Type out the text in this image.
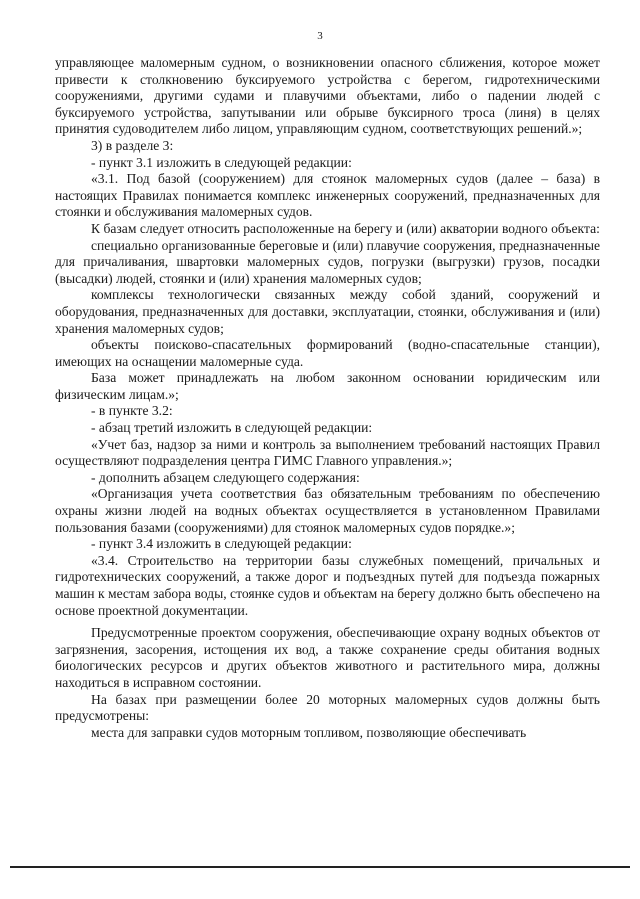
3

управляющее маломерным судном, о возникновении опасного сближения, которое может привести к столкновению буксируемого устройства с берегом, гидротехническими сооружениями, другими судами и плавучими объектами, либо о падении людей с буксируемого устройства, запутывании или обрыве буксирного троса (линя) в целях принятия судоводителем либо лицом, управляющим судном, соответствующих решений.»;

3) в разделе 3:

- пункт 3.1 изложить в следующей редакции:

«3.1. Под базой (сооружением) для стоянок маломерных судов (далее – база) в настоящих Правилах понимается комплекс инженерных сооружений, предназначенных для стоянки и обслуживания маломерных судов.

К базам следует относить расположенные на берегу и (или) акватории водного объекта:

специально организованные береговые и (или) плавучие сооружения, предназначенные для причаливания, швартовки маломерных судов, погрузки (выгрузки) грузов, посадки (высадки) людей, стоянки и (или) хранения маломерных судов;

комплексы технологически связанных между собой зданий, сооружений и оборудования, предназначенных для доставки, эксплуатации, стоянки, обслуживания и (или) хранения маломерных судов;

объекты поисково-спасательных формирований (водно-спасательные станции), имеющих на оснащении маломерные суда.

База может принадлежать на любом законном основании юридическим или физическим лицам.»;

- в пункте 3.2:

- абзац третий изложить в следующей редакции:

«Учет баз, надзор за ними и контроль за выполнением требований настоящих Правил осуществляют подразделения центра ГИМС Главного управления.»;

- дополнить абзацем следующего содержания:

«Организация учета соответствия баз обязательным требованиям по обеспечению охраны жизни людей на водных объектах осуществляется в установленном Правилами пользования базами (сооружениями) для стоянок маломерных судов порядке.»;

- пункт 3.4 изложить в следующей редакции:

«3.4. Строительство на территории базы служебных помещений, причальных и гидротехнических сооружений, а также дорог и подъездных путей для подъезда пожарных машин к местам забора воды, стоянке судов и объектам на берегу должно быть обеспечено на основе проектной документации.

Предусмотренные проектом сооружения, обеспечивающие охрану водных объектов от загрязнения, засорения, истощения их вод, а также сохранение среды обитания водных биологических ресурсов и других объектов животного и растительного мира, должны находиться в исправном состоянии.

На базах при размещении более 20 моторных маломерных судов должны быть предусмотрены:

места для заправки судов моторным топливом, позволяющие обеспечивать
